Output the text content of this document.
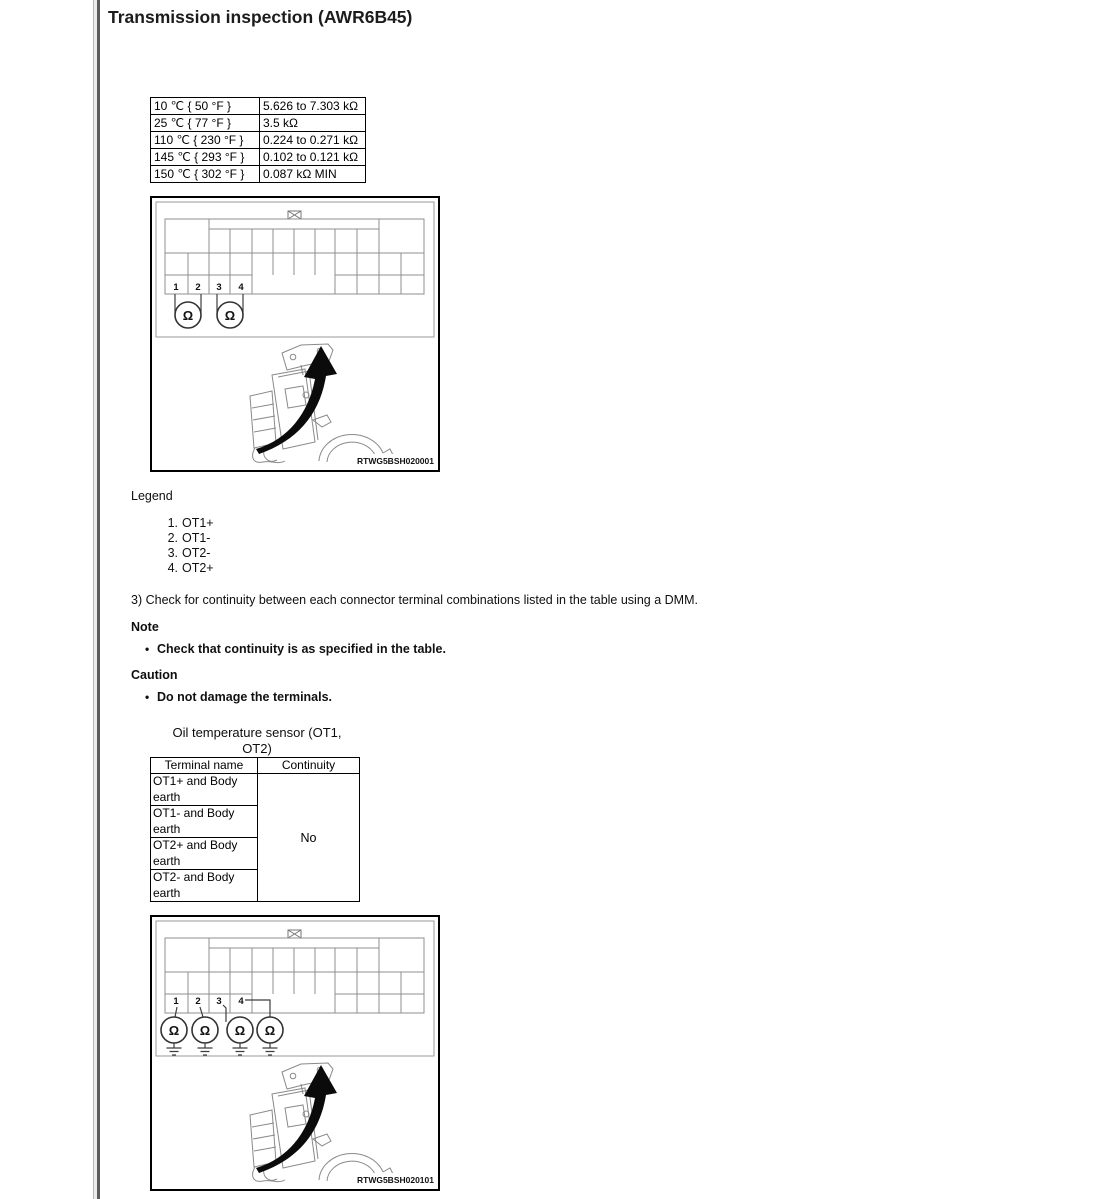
Transmission inspection (AWR6B45)
10 ℃ { 50 °F }	5.626 to 7.303 kΩ
25 ℃ { 77 °F }	3.5 kΩ
110 ℃ { 230 °F }	0.224 to 0.271 kΩ
145 ℃ { 293 °F }	0.102 to 0.121 kΩ
150 ℃ { 302 °F }	0.087 kΩ MIN
1 2 3 4
Ω Ω
RTWG5BSH020001
Legend
1. OT1+
2. OT1-
3. OT2-
4. OT2+
3) Check for continuity between each connector terminal combinations listed in the table using a DMM.
Note
• Check that continuity is as specified in the table.
Caution
• Do not damage the terminals.
Oil temperature sensor (OT1,
OT2)
Terminal name	Continuity
OT1+ and Body earth	No
OT1- and Body earth	
OT2+ and Body earth	
OT2- and Body earth	
1 2 3 4
Ω Ω Ω Ω
RTWG5BSH020101
